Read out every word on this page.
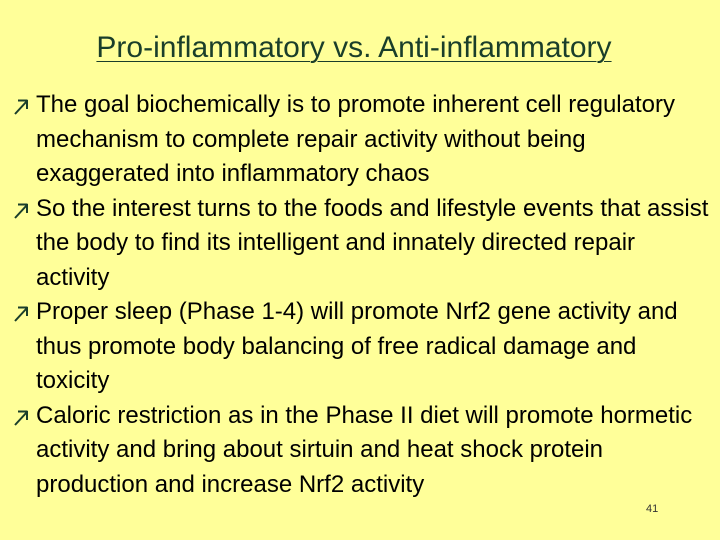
Pro-inflammatory vs. Anti-inflammatory
The goal biochemically is to promote inherent cell regulatory mechanism to complete repair activity without being exaggerated into inflammatory chaos
So the interest turns to the foods and lifestyle events that assist the body to find its intelligent and innately directed repair activity
Proper sleep (Phase 1-4) will promote Nrf2 gene activity and thus promote body balancing of free radical damage and toxicity
Caloric restriction as in the Phase II diet will promote hormetic activity and bring about sirtuin and heat shock protein production and increase Nrf2 activity
41
